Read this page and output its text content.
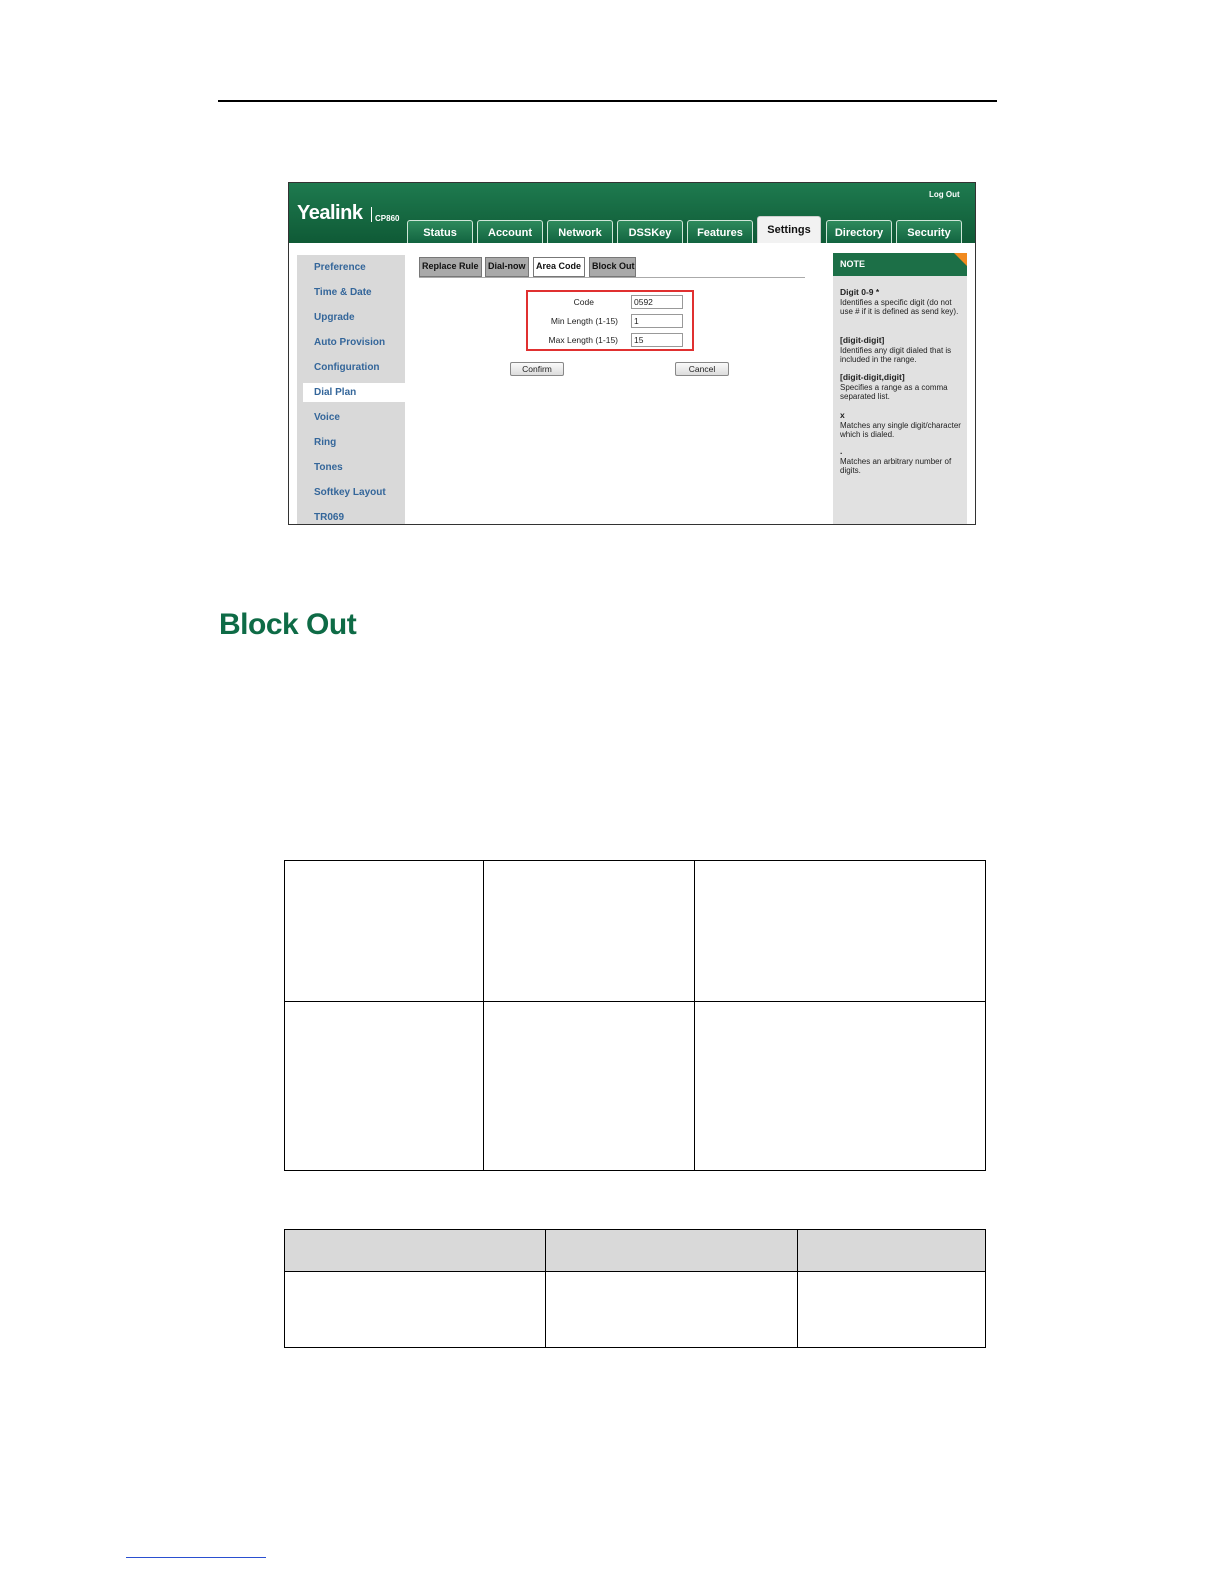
Yealink CP860
Log Out
Status	Account	Network	DSSKey	Features	Settings	Directory	Security
Preference
Time & Date
Upgrade
Auto Provision
Configuration
Dial Plan
Voice
Ring
Tones
Softkey Layout
TR069
Replace Rule	Dial-now	Area Code	Block Out
Code	0592
Min Length (1-15)	1
Max Length (1-15)	15
Confirm	Cancel
NOTE
Digit 0-9 *
Identifies a specific digit (do not use # if it is defined as send key).
[digit-digit]
Identifies any digit dialed that is included in the range.
[digit-digit,digit]
Specifies a range as a comma separated list.
x
Matches any single digit/character which is dialed.
.
Matches an arbitrary number of digits.
Block Out
